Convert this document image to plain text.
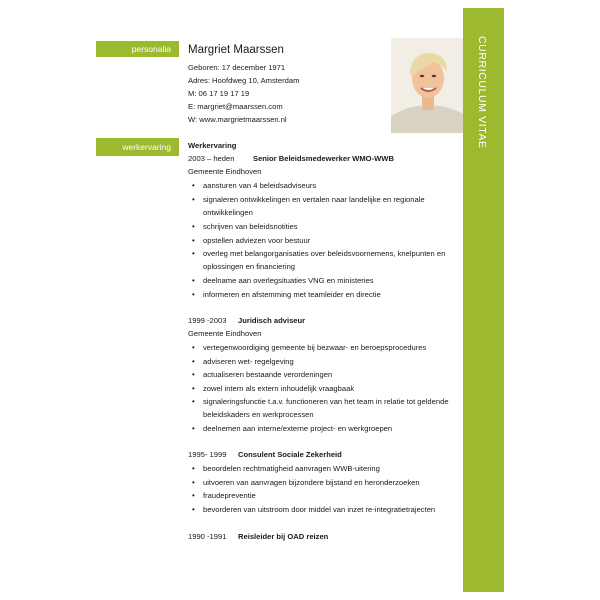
personalia
werkervaring	CURRICULUM VITAE
Margriet Maarssen
Geboren: 17 december 1971
Adres: Hoofdweg 10, Amsterdam
M: 06 17 19 17 19
E: margriet@maarssen.com
W: www.margrietmaarssen.nl
Werkervaring
2003 – heden Senior Beleidsmedewerker WMO-WWB
Gemeente Eindhoven
• aansturen van 4 beleidsadviseurs
• signaleren ontwikkelingen en vertalen naar landelijke en regionale
ontwikkelingen
• schrijven van beleidsnotities
• opstellen adviezen voor bestuur
• overleg met belangorganisaties over beleidsvoornemens, knelpunten en
oplossingen en financiering
• deelname aan overlegsituaties VNG en ministeries
• informeren en afstemming met teamleider en directie
1999 -2003 Juridisch adviseur
Gemeente Eindhoven
• vertegenwoordiging gemeente bij bezwaar- en beroepsprocedures
• adviseren wet- regelgeving
• actualiseren bestaande verordeningen
• zowel intern als extern inhoudelijk vraagbaak
• signaleringsfunctie t.a.v. functioneren van het team in relatie tot geldende
beleidskaders en werkprocessen
• deelnemen aan interne/externe project- en werkgroepen
1995- 1999 Consulent Sociale Zekerheid
• beoordelen rechtmatigheid aanvragen WWB-uitering
• uitvoeren van aanvragen bijzondere bijstand en heronderzoeken
• fraudepreventie
• bevorderen van uitstroom door middel van inzet re-integratietrajecten
1990 -1991 Reisleider bij OAD reizen
